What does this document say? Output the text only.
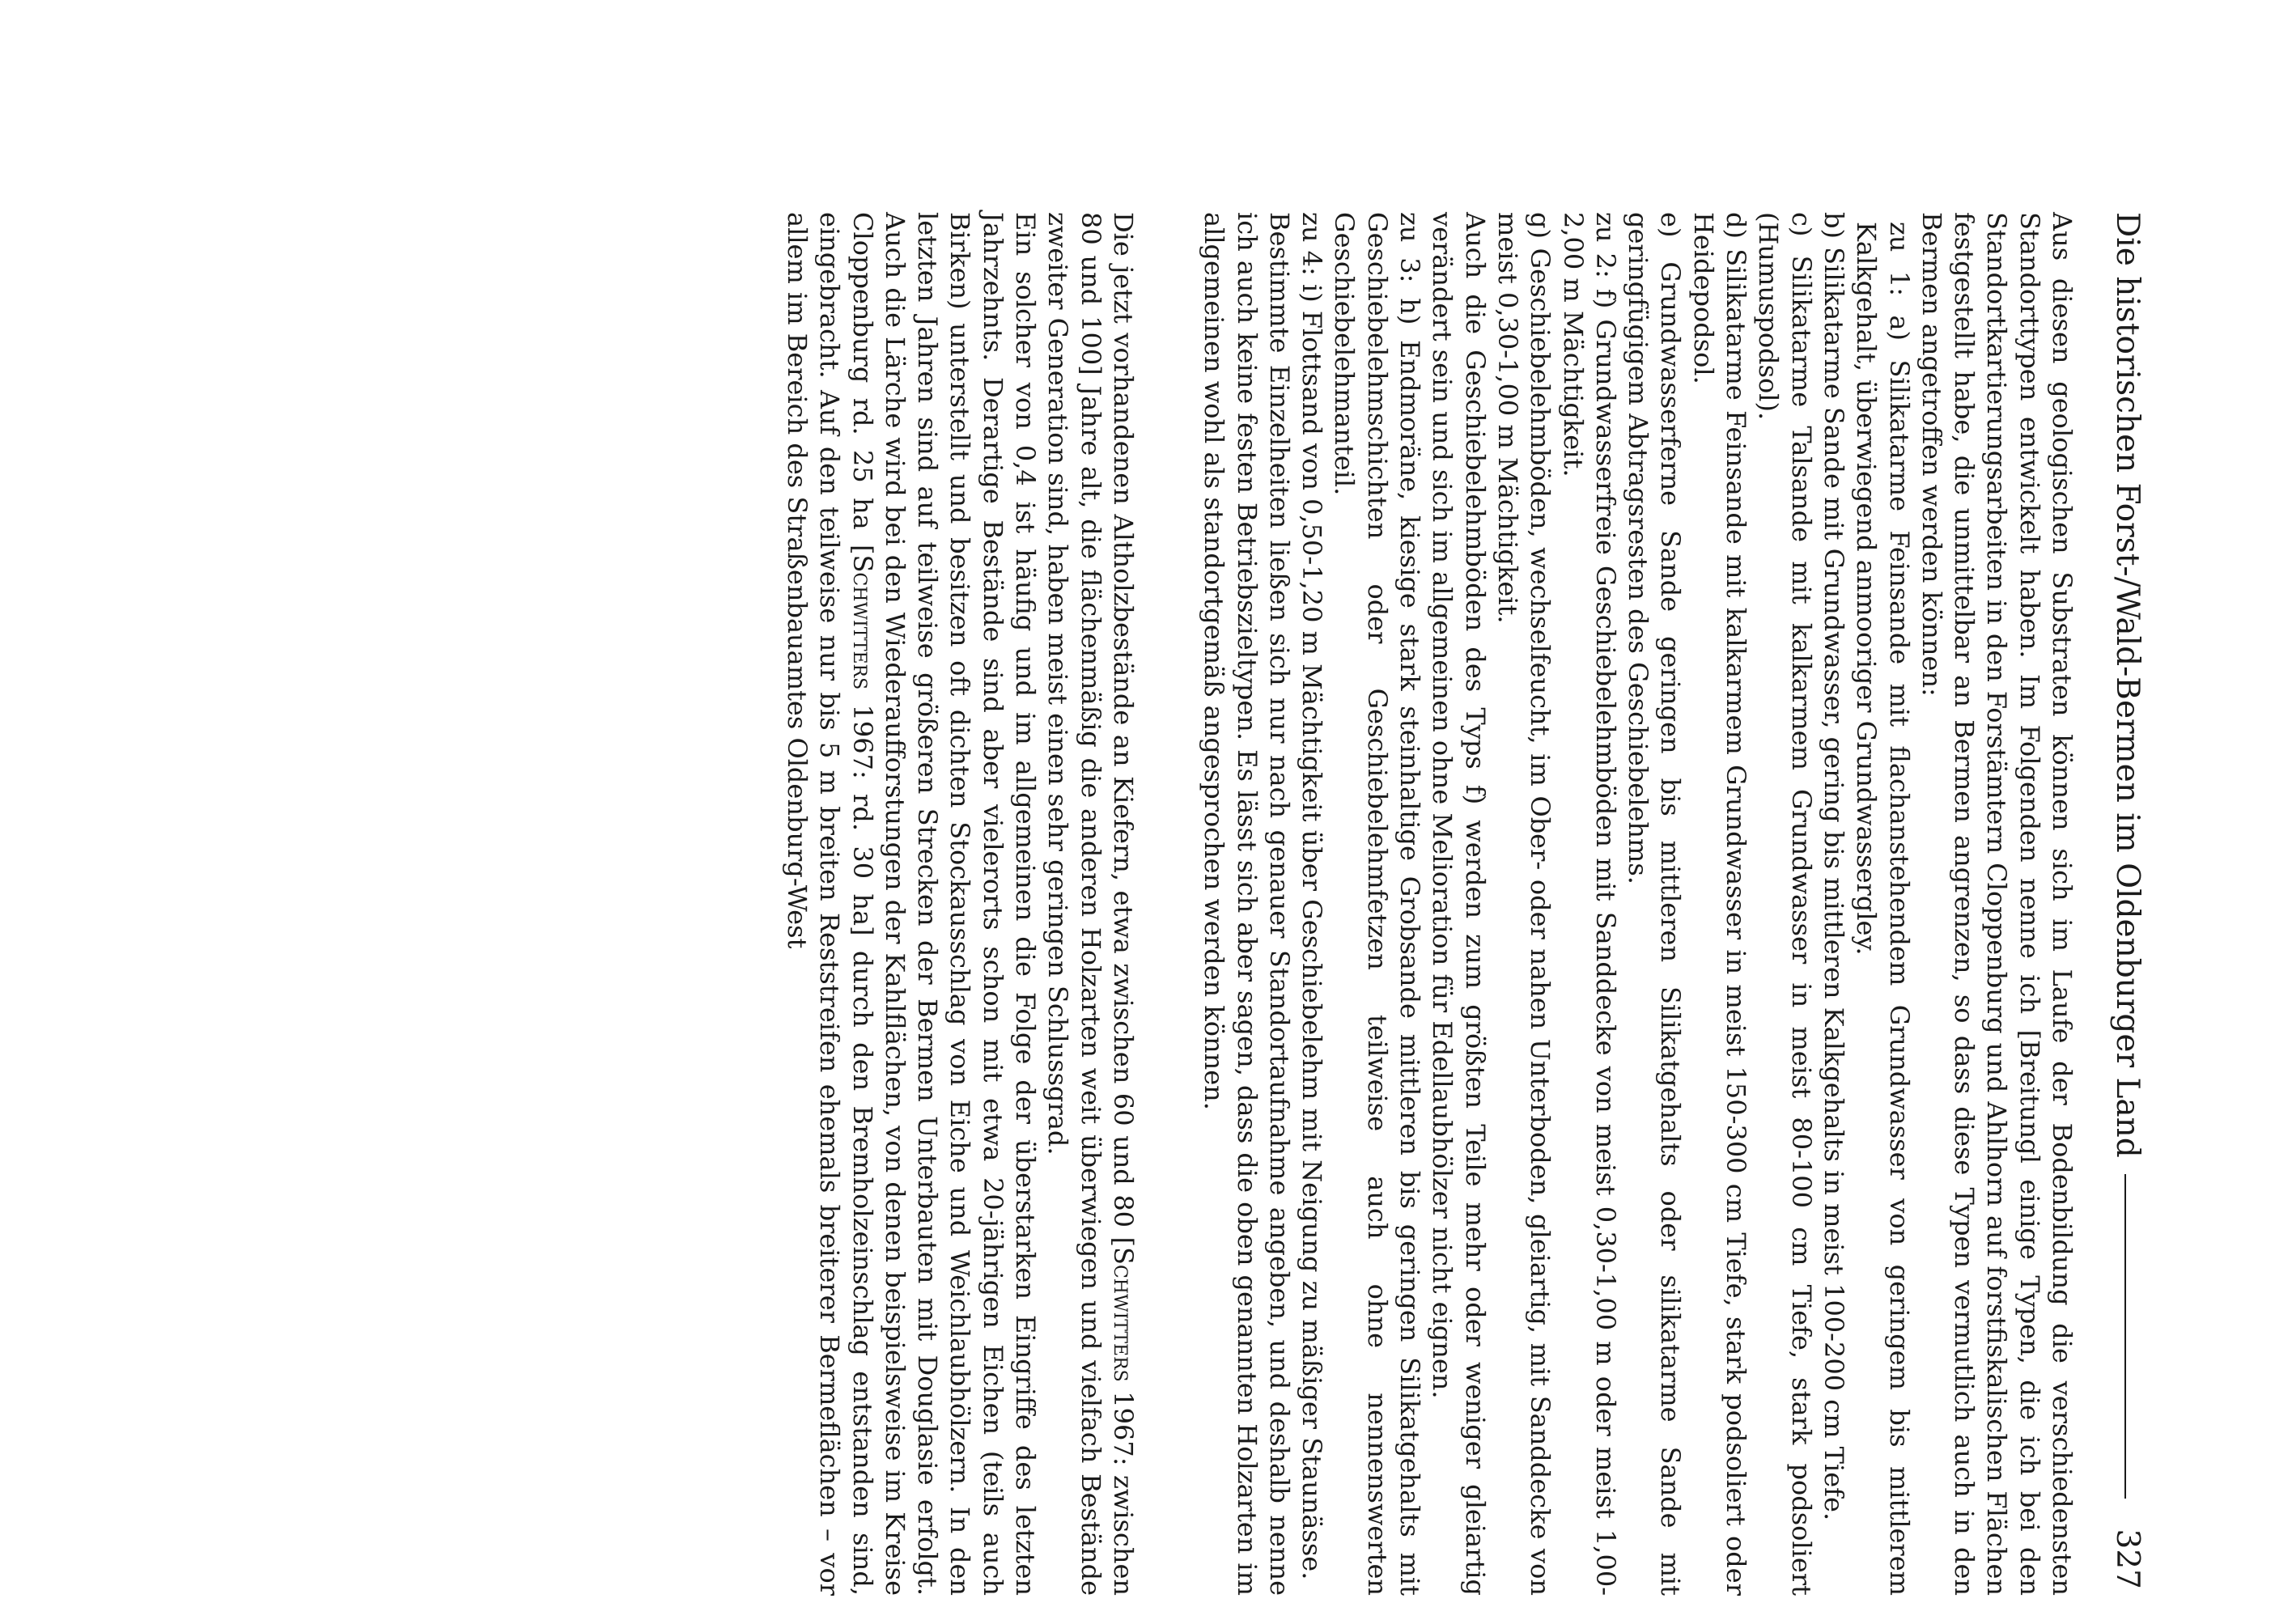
Die historischen Forst-/Wald-Bermen im Oldenburger Land
327

Aus diesen geologischen Substraten können sich im Laufe der Bodenbildung die verschiedensten Standorttypen entwickelt haben. Im Folgenden nenne ich [Breitungl einige Typen, die ich bei den Standortkartierungsarbeiten in den Forstämtern Cloppenburg und Ahlhorn auf forstfiskalischen Flächen festgestellt habe, die unmittelbar an Bermen angrenzen, so dass diese Typen vermutlich auch in den Bermen angetroffen werden können:

zu 1: a) Silikatarme Feinsande mit flachanstehendem Grundwasser von geringem bis mittlerem Kalkgehalt, überwiegend anmooriger Grundwassergley.

b) Silikatarme Sande mit Grundwasser, gering bis mittleren Kalkgehalts in meist 100-200 cm Tiefe.

c) Silikatarme Talsande mit kalkarmem Grundwasser in meist 80-100 cm Tiefe, stark podsoliert (Humuspodsol).

d) Silikatarme Feinsande mit kalkarmem Grundwasser in meist 150-300 cm Tiefe, stark podsoliert oder Heidepodsol.

e) Grundwasserferne Sande geringen bis mittleren Silikatgehalts oder silikatarme Sande mit geringfügigem Abtragsresten des Geschiebelehms.

zu 2: f) Grundwasserfreie Geschiebelehmböden mit Sanddecke von meist 0,30-1,00 m oder meist 1,00-2,00 m Mächtigkeit.

g) Geschiebelehmböden, wechselfeucht, im Ober- oder nahen Unterboden, gleiartig, mit Sanddecke von meist 0,30-1,00 m Mächtigkeit.

Auch die Geschiebelehmböden des Typs f) werden zum größten Teile mehr oder weniger gleiartig verändert sein und sich im allgemeinen ohne Melioration für Edellaubhölzer nicht eignen.

zu 3: h) Endmoräne, kiesige stark steinhaltige Grobsande mittleren bis geringen Silikatgehalts mit Geschiebelehmschichten oder Geschiebelehmfetzen teilweise auch ohne nennenswerten Geschiebelehmanteil.

zu 4: i) Flottsand von 0,50-1,20 m Mächtigkeit über Geschiebelehm mit Neigung zu mäßiger Staunässe.

Bestimmte Einzelheiten ließen sich nur nach genauer Standortaufnahme angeben, und deshalb nenne ich auch keine festen Betriebszieltypen. Es lässt sich aber sagen, dass die oben genannten Holzarten im allgemeinen wohl als standortgemäß angesprochen werden können.

Die jetzt vorhandenen Altholzbestände an Kiefern, etwa zwischen 60 und 80 [Schwitters 1967: zwischen 80 und 100] Jahre alt, die flächenmäßig die anderen Holzarten weit überwiegen und vielfach Bestände zweiter Generation sind, haben meist einen sehr geringen Schlussgrad.

Ein solcher von 0,4 ist häufig und im allgemeinen die Folge der überstarken Eingriffe des letzten Jahrzehnts. Derartige Bestände sind aber vielerorts schon mit etwa 20-jährigen Eichen (teils auch Birken) unterstellt und besitzen oft dichten Stockausschlag von Eiche und Weichlaubhölzern. In den letzten Jahren sind auf teilweise größeren Strecken der Bermen Unterbauten mit Douglasie erfolgt. Auch die Lärche wird bei den Wiederaufforstungen der Kahlflächen, von denen beispielsweise im Kreise Cloppenburg rd. 25 ha [Schwitters 1967: rd. 30 ha] durch den Bremholzeinschlag entstanden sind, eingebracht. Auf den teilweise nur bis 5 m breiten Reststreifen ehemals breiterer Bermeflächen – vor allem im Bereich des Straßenbauamtes Oldenburg-West
